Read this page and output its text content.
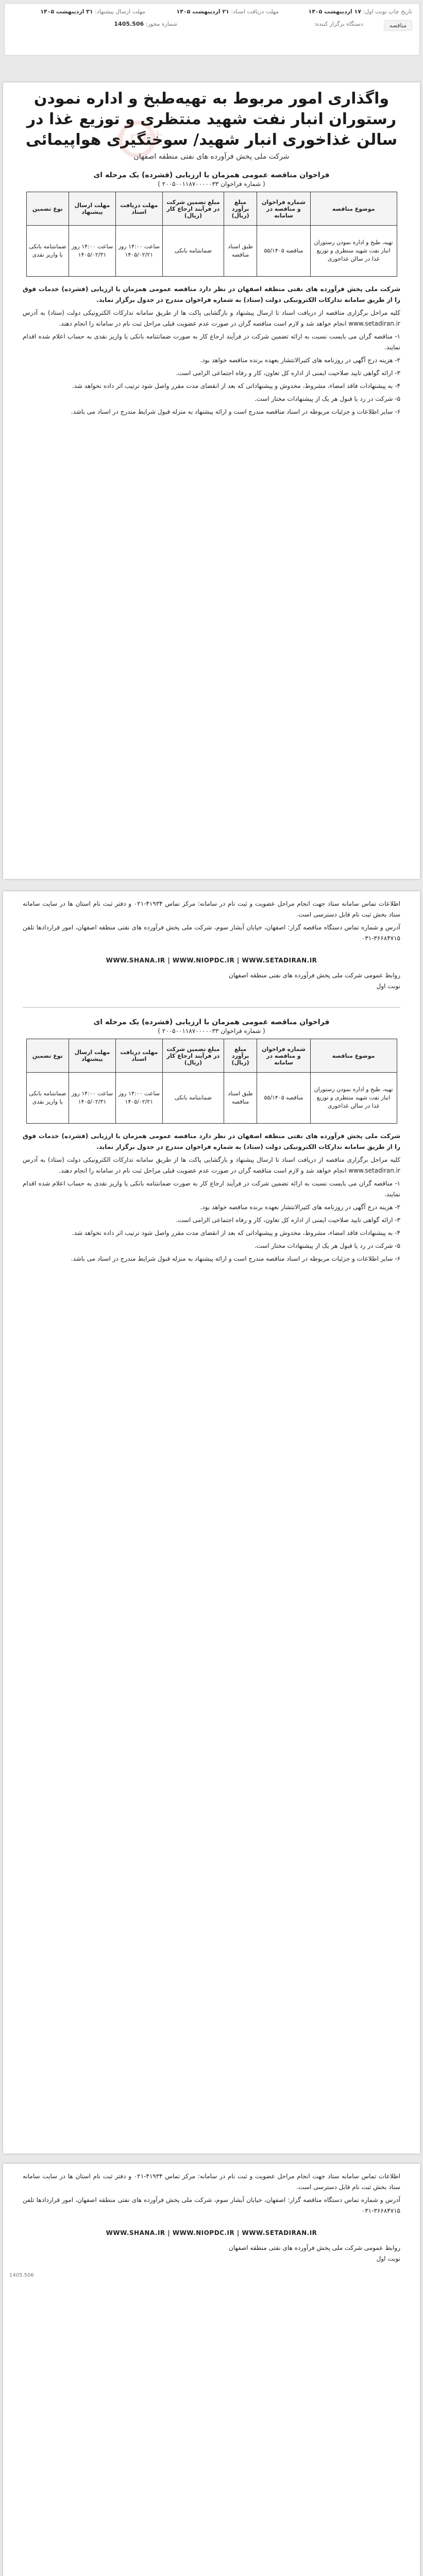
تاریخ چاپ نوبت اول: ۱۷ اردیبهشت ۱۴۰۵
مهلت دریافت اسناد: ۲۱ اردیبهشت ۱۴۰۵
مهلت ارسال پیشنهاد: ۳۱ اردیبهشت ۱۴۰۵
مناقصه
دستگاه برگزار کننده:
شماره مجوز: 1405.506
r.net
واگذاری امور مربوط به تهیه‌طبخ و اداره نمودن رستوران انبار نفت شهید منتظری و توزیع غذا در سالن غذاخوری انبار شهید/ سوختگیری هواپیمائی
شرکت ملی پخش فرآورده های نفتی منطقه اصفهان
فراخوان مناقصه عمومی همزمان با ارزیابی (فشرده) یک مرحله ای
( شماره فراخوان ۲۰۰۵۰۰۱۱۸۷۰۰۰۰۰۳۳ )
موضوع مناقصه	شماره فراخوان و مناقصه در سامانه	مبلغ برآورد (ریال)	مبلغ تضمین شرکت در فرآیند ارجاع کار (ریال)	مهلت دریافت اسناد	مهلت ارسال پیشنهاد	نوع تضمین
تهیه، طبخ و اداره نمودن رستوران انبار نفت شهید منتظری و توزیع غذا در سالن غذاخوری	مناقصه ۵۵/۱۴۰۵	طبق اسناد مناقصه	ضمانتنامه بانکی	ساعت ۱۴:۰۰ روز ۱۴۰۵/۰۲/۲۱	ساعت ۱۴:۰۰ روز ۱۴۰۵/۰۲/۳۱	ضمانتنامه بانکی یا واریز نقدی

شرکت ملی پخش فرآورده های نفتی منطقه اصفهان در نظر دارد مناقصه عمومی همزمان با ارزیابی (فشرده) خدمات فوق را از طریق سامانه تدارکات الکترونیکی دولت (ستاد) به شماره فراخوان مندرج در جدول برگزار نماید.

کلیه مراحل برگزاری مناقصه از دریافت اسناد تا ارسال پیشنهاد و بازگشایی پاکت ها از طریق سامانه تدارکات الکترونیکی دولت (ستاد) به آدرس www.setadiran.ir انجام خواهد شد و لازم است مناقصه گران در صورت عدم عضویت قبلی مراحل ثبت نام در سامانه را انجام دهند.

۱- مناقصه گران می بایست نسبت به ارائه تضمین شرکت در فرآیند ارجاع کار به صورت ضمانتنامه بانکی یا واریز نقدی به حساب اعلام شده اقدام نمایند.

۲- هزینه درج آگهی در روزنامه های کثیرالانتشار بعهده برنده مناقصه خواهد بود.

۳- ارائه گواهی تایید صلاحیت ایمنی از اداره کل تعاون، کار و رفاه اجتماعی الزامی است.

۴- به پیشنهادات فاقد امضاء، مشروط، مخدوش و پیشنهاداتی که بعد از انقضای مدت مقرر واصل شود ترتیب اثر داده نخواهد شد.

۵- شرکت در رد یا قبول هر یک از پیشنهادات مختار است.

۶- سایر اطلاعات و جزئیات مربوطه در اسناد مناقصه مندرج است و ارائه پیشنهاد به منزله قبول شرایط مندرج در اسناد می باشد.

اطلاعات تماس سامانه ستاد جهت انجام مراحل عضویت و ثبت نام در سامانه: مرکز تماس ۴۱۹۳۴-۰۲۱ و دفتر ثبت نام استان ها در سایت سامانه ستاد بخش ثبت نام قابل دسترسی است.

آدرس و شماره تماس دستگاه مناقصه گزار: اصفهان، خیابان آبشار سوم، شرکت ملی پخش فرآورده های نفتی منطقه اصفهان، امور قراردادها تلفن ۳۶۶۸۴۷۱۵-۰۳۱

WWW.SHANA.IR | WWW.NIOPDC.IR | WWW.SETADIRAN.IR
روابط عمومی شرکت ملی پخش فرآورده های نفتی منطقه اصفهان
نوبت اول
فراخوان مناقصه عمومی همزمان با ارزیابی (فشرده) یک مرحله ای
( شماره فراخوان ۲۰۰۵۰۰۱۱۸۷۰۰۰۰۰۳۳ )
موضوع مناقصه	شماره فراخوان و مناقصه در سامانه	مبلغ برآورد (ریال)	مبلغ تضمین شرکت در فرآیند ارجاع کار (ریال)	مهلت دریافت اسناد	مهلت ارسال پیشنهاد	نوع تضمین
تهیه، طبخ و اداره نمودن رستوران انبار نفت شهید منتظری و توزیع غذا در سالن غذاخوری	مناقصه ۵۵/۱۴۰۵	طبق اسناد مناقصه	ضمانتنامه بانکی	ساعت ۱۴:۰۰ روز ۱۴۰۵/۰۲/۲۱	ساعت ۱۴:۰۰ روز ۱۴۰۵/۰۲/۳۱	ضمانتنامه بانکی یا واریز نقدی

شرکت ملی پخش فرآورده های نفتی منطقه اصفهان در نظر دارد مناقصه عمومی همزمان با ارزیابی (فشرده) خدمات فوق را از طریق سامانه تدارکات الکترونیکی دولت (ستاد) به شماره فراخوان مندرج در جدول برگزار نماید.

کلیه مراحل برگزاری مناقصه از دریافت اسناد تا ارسال پیشنهاد و بازگشایی پاکت ها از طریق سامانه تدارکات الکترونیکی دولت (ستاد) به آدرس www.setadiran.ir انجام خواهد شد و لازم است مناقصه گران در صورت عدم عضویت قبلی مراحل ثبت نام در سامانه را انجام دهند.

۱- مناقصه گران می بایست نسبت به ارائه تضمین شرکت در فرآیند ارجاع کار به صورت ضمانتنامه بانکی یا واریز نقدی به حساب اعلام شده اقدام نمایند.

۲- هزینه درج آگهی در روزنامه های کثیرالانتشار بعهده برنده مناقصه خواهد بود.

۳- ارائه گواهی تایید صلاحیت ایمنی از اداره کل تعاون، کار و رفاه اجتماعی الزامی است.

۴- به پیشنهادات فاقد امضاء، مشروط، مخدوش و پیشنهاداتی که بعد از انقضای مدت مقرر واصل شود ترتیب اثر داده نخواهد شد.

۵- شرکت در رد یا قبول هر یک از پیشنهادات مختار است.

۶- سایر اطلاعات و جزئیات مربوطه در اسناد مناقصه مندرج است و ارائه پیشنهاد به منزله قبول شرایط مندرج در اسناد می باشد.

اطلاعات تماس سامانه ستاد جهت انجام مراحل عضویت و ثبت نام در سامانه: مرکز تماس ۴۱۹۳۴-۰۲۱ و دفتر ثبت نام استان ها در سایت سامانه ستاد بخش ثبت نام قابل دسترسی است.

آدرس و شماره تماس دستگاه مناقصه گزار: اصفهان، خیابان آبشار سوم، شرکت ملی پخش فرآورده های نفتی منطقه اصفهان، امور قراردادها تلفن ۳۶۶۸۴۷۱۵-۰۳۱

WWW.SHANA.IR | WWW.NIOPDC.IR | WWW.SETADIRAN.IR
روابط عمومی شرکت ملی پخش فرآورده های نفتی منطقه اصفهان
نوبت اول
1405.506
